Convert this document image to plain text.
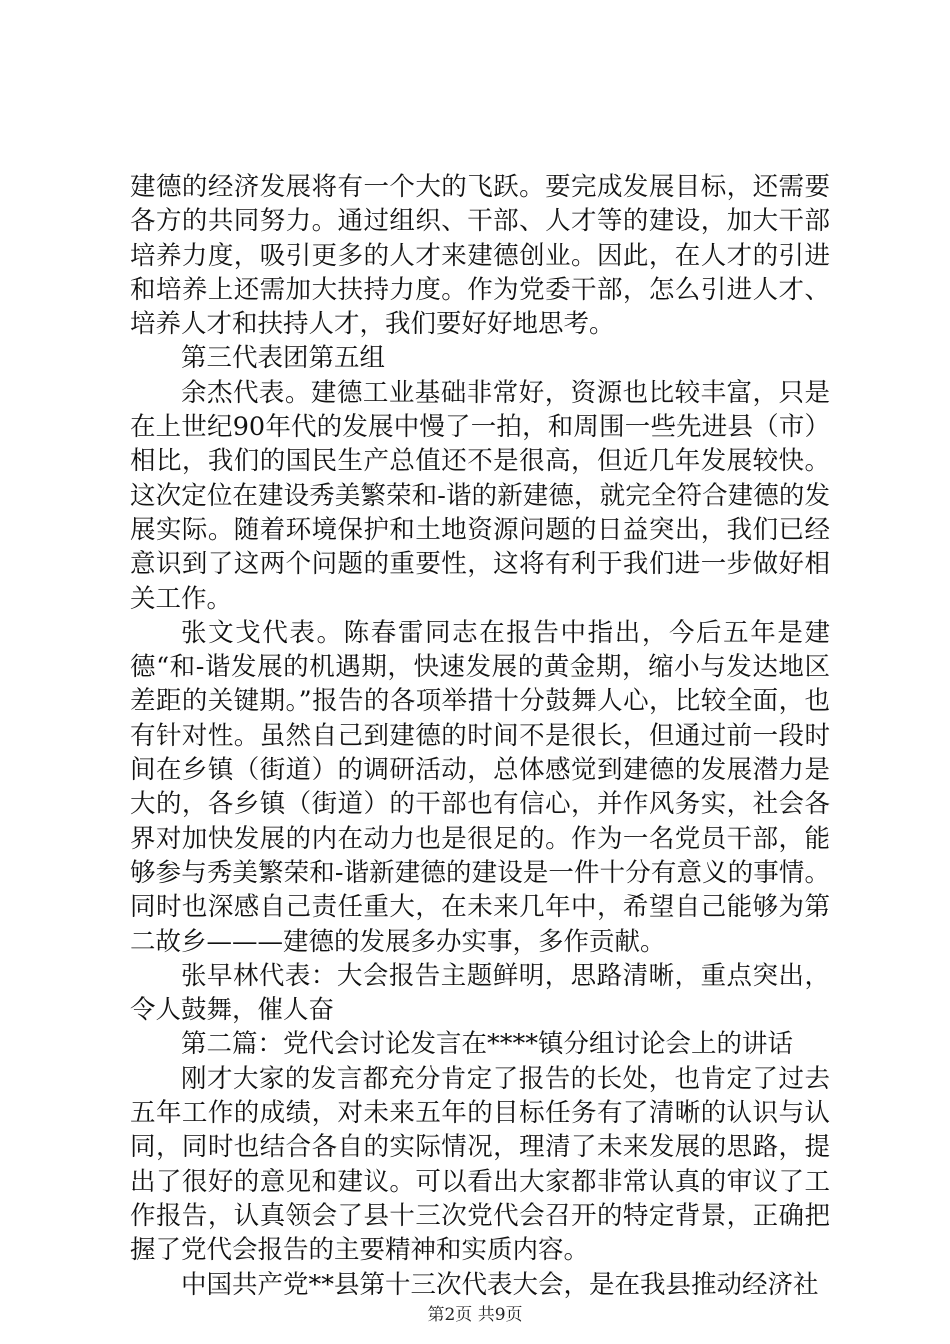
建德的经济发展将有一个大的飞跃。要完成发展目标，还需要各方的共同努力。通过组织、干部、人才等的建设，加大干部培养力度，吸引更多的人才来建德创业。因此，在人才的引进和培养上还需加大扶持力度。作为党委干部，怎么引进人才、培养人才和扶持人才，我们要好好地思考。

第三代表团第五组

余杰代表。建德工业基础非常好，资源也比较丰富，只是在上世纪90年代的发展中慢了一拍，和周围一些先进县（市）相比，我们的国民生产总值还不是很高，但近几年发展较快。这次定位在建设秀美繁荣和-谐的新建德，就完全符合建德的发展实际。随着环境保护和土地资源问题的日益突出，我们已经意识到了这两个问题的重要性，这将有利于我们进一步做好相关工作。

张文戈代表。陈春雷同志在报告中指出，今后五年是建德“和-谐发展的机遇期，快速发展的黄金期，缩小与发达地区差距的关键期。”报告的各项举措十分鼓舞人心，比较全面，也有针对性。虽然自己到建德的时间不是很长，但通过前一段时间在乡镇（街道）的调研活动，总体感觉到建德的发展潜力是大的，各乡镇（街道）的干部也有信心，并作风务实，社会各界对加快发展的内在动力也是很足的。作为一名党员干部，能够参与秀美繁荣和-谐新建德的建设是一件十分有意义的事情。同时也深感自己责任重大，在未来几年中，希望自己能够为第二故乡———建德的发展多办实事，多作贡献。

张早林代表：大会报告主题鲜明，思路清晰，重点突出，令人鼓舞，催人奋

第二篇：党代会讨论发言在****镇分组讨论会上的讲话

刚才大家的发言都充分肯定了报告的长处，也肯定了过去五年工作的成绩，对未来五年的目标任务有了清晰的认识与认同，同时也结合各自的实际情况，理清了未来发展的思路，提出了很好的意见和建议。可以看出大家都非常认真的审议了工作报告，认真领会了县十三次党代会召开的特定背景，正确把握了党代会报告的主要精神和实质内容。

中国共产党**县第十三次代表大会，是在我县推动经济社

第2页 共9页
